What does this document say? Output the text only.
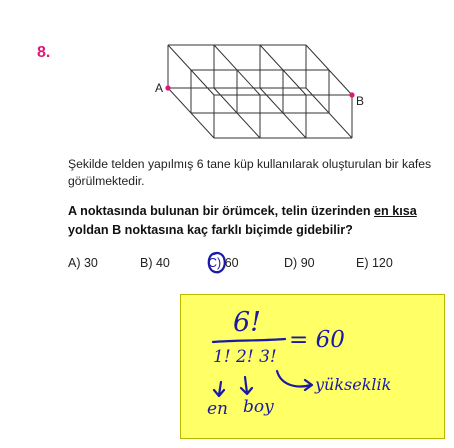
8.
A
B
Şekilde telden yapılmış 6 tane küp kullanılarak oluşturulan bir kafes görülmektedir.
A noktasında bulunan bir örümcek, telin üzerinden en kısa yoldan B noktasına kaç farklı biçimde gidebilir?
A) 30	B) 40	C) 60	D) 90	E) 120
6!
= 60
1! 2! 3!
en boy
yükseklik
